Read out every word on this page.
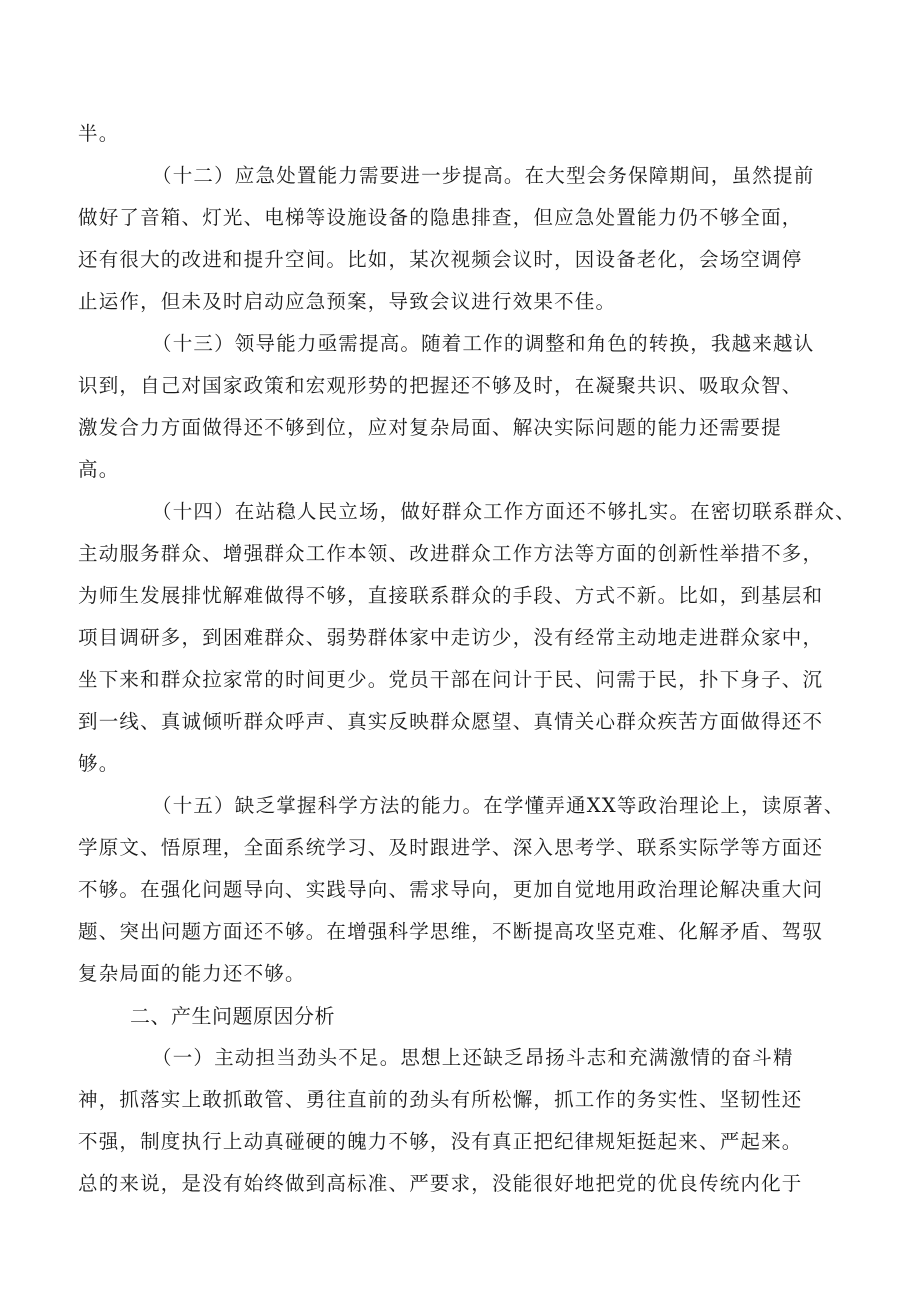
半。
（十二）应急处置能力需要进一步提高。在大型会务保障期间，虽然提前
做好了音箱、灯光、电梯等设施设备的隐患排查，但应急处置能力仍不够全面，
还有很大的改进和提升空间。比如，某次视频会议时，因设备老化，会场空调停
止运作，但未及时启动应急预案，导致会议进行效果不佳。
（十三）领导能力亟需提高。随着工作的调整和角色的转换，我越来越认
识到，自己对国家政策和宏观形势的把握还不够及时，在凝聚共识、吸取众智、
激发合力方面做得还不够到位，应对复杂局面、解决实际问题的能力还需要提
高。
（十四）在站稳人民立场，做好群众工作方面还不够扎实。在密切联系群众、
主动服务群众、增强群众工作本领、改进群众工作方法等方面的创新性举措不多，
为师生发展排忧解难做得不够，直接联系群众的手段、方式不新。比如，到基层和
项目调研多，到困难群众、弱势群体家中走访少，没有经常主动地走进群众家中，
坐下来和群众拉家常的时间更少。党员干部在问计于民、问需于民，扑下身子、沉
到一线、真诚倾听群众呼声、真实反映群众愿望、真情关心群众疾苦方面做得还不
够。
（十五）缺乏掌握科学方法的能力。在学懂弄通XX等政治理论上，读原著、
学原文、悟原理，全面系统学习、及时跟进学、深入思考学、联系实际学等方面还
不够。在强化问题导向、实践导向、需求导向，更加自觉地用政治理论解决重大问
题、突出问题方面还不够。在增强科学思维，不断提高攻坚克难、化解矛盾、驾驭
复杂局面的能力还不够。
二、产生问题原因分析
（一）主动担当劲头不足。思想上还缺乏昂扬斗志和充满激情的奋斗精
神，抓落实上敢抓敢管、勇往直前的劲头有所松懈，抓工作的务实性、坚韧性还
不强，制度执行上动真碰硬的魄力不够，没有真正把纪律规矩挺起来、严起来。
总的来说，是没有始终做到高标准、严要求，没能很好地把党的优良传统内化于
